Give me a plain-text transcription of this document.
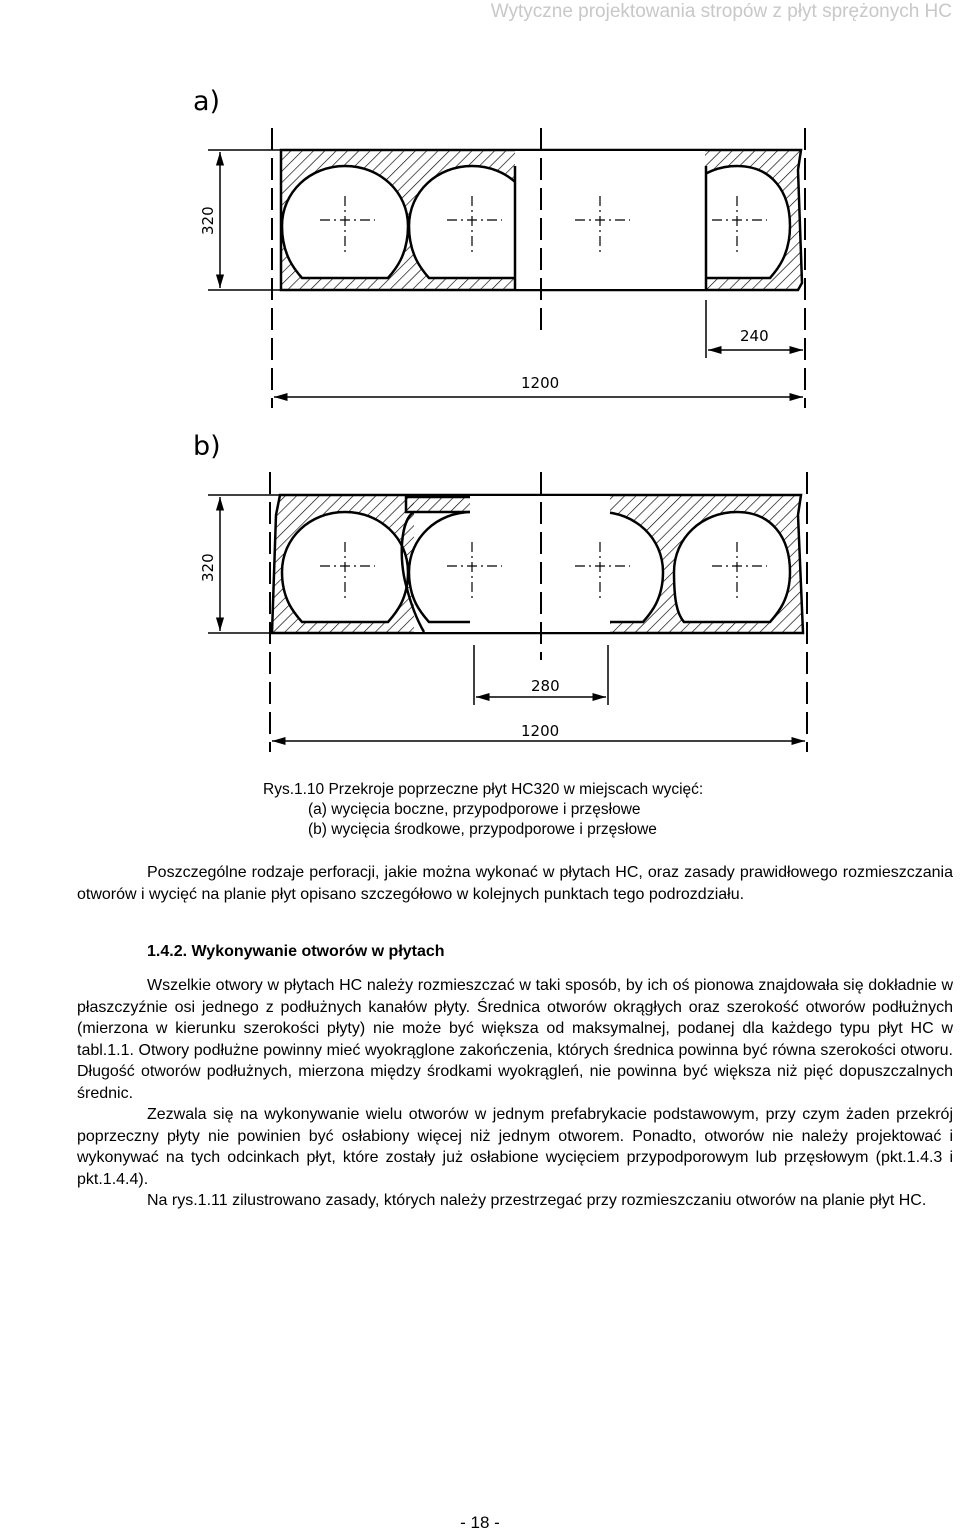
Wytyczne projektowania stropów z płyt sprężonych HC
a)
320
240
1200
b)
320
280
1200
Rys.1.10 Przekroje poprzeczne płyt HC320 w miejscach wycięć:
(a) wycięcia boczne, przypodporowe i przęsłowe
(b) wycięcia środkowe, przypodporowe i przęsłowe

Poszczególne rodzaje perforacji, jakie można wykonać w płytach HC, oraz zasady prawidłowego rozmieszczania otworów i wycięć na planie płyt opisano szczegółowo w kolejnych punktach tego podrozdziału.

1.4.2. Wykonywanie otworów w płytach

Wszelkie otwory w płytach HC należy rozmieszczać w taki sposób, by ich oś pionowa znajdowała się dokładnie w płaszczyźnie osi jednego z podłużnych kanałów płyty. Średnica otworów okrągłych oraz szerokość otworów podłużnych (mierzona w kierunku szerokości płyty) nie może być większa od maksymalnej, podanej dla każdego typu płyt HC w tabl.1.1. Otwory podłużne powinny mieć wyokrąglone zakończenia, których średnica powinna być równa szerokości otworu. Długość otworów podłużnych, mierzona między środkami wyokrągleń, nie powinna być większa niż pięć dopuszczalnych średnic.

Zezwala się na wykonywanie wielu otworów w jednym prefabrykacie podstawowym, przy czym żaden przekrój poprzeczny płyty nie powinien być osłabiony więcej niż jednym otworem. Ponadto, otworów nie należy projektować i wykonywać na tych odcinkach płyt, które zostały już osłabione wycięciem przypodporowym lub przęsłowym (pkt.1.4.3 i pkt.1.4.4).

Na rys.1.11 zilustrowano zasady, których należy przestrzegać przy rozmieszczaniu otworów na planie płyt HC.

- 18 -
